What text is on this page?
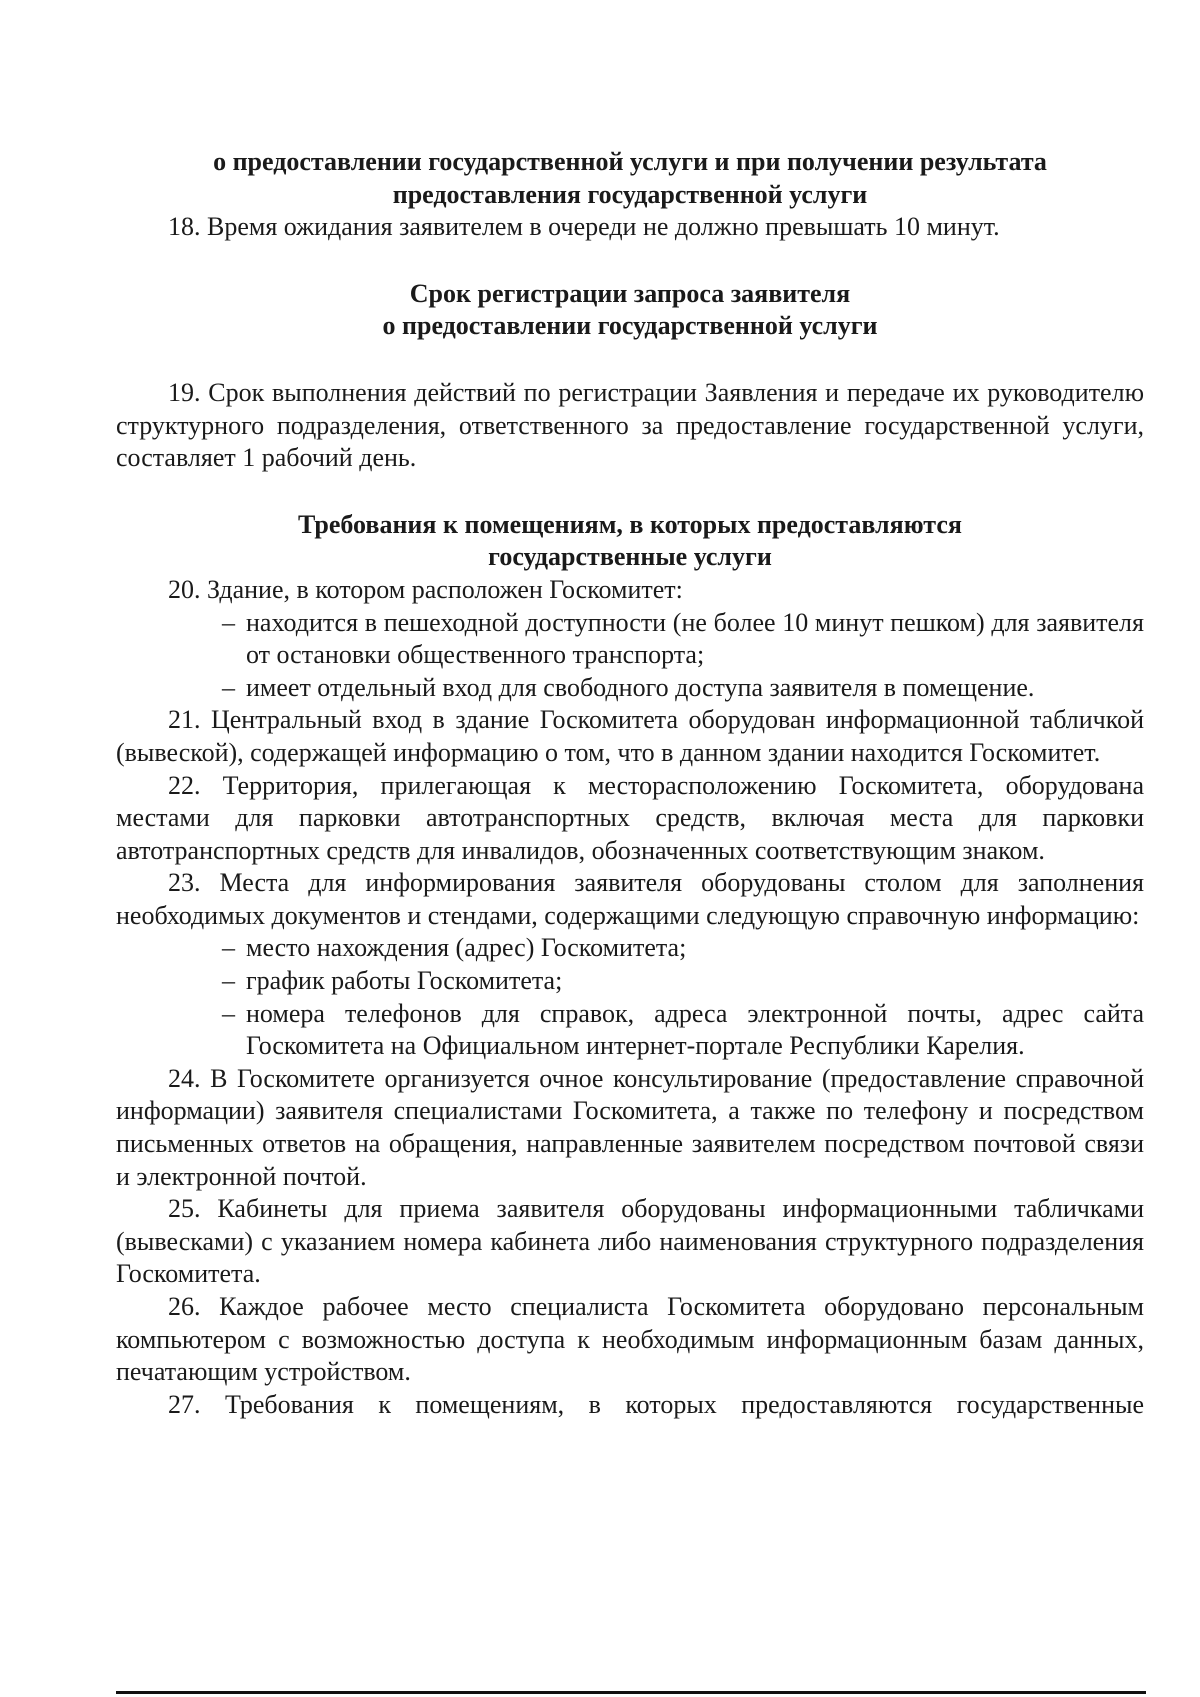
о предоставлении государственной услуги и при получении результата
предоставления государственной услуги

18. Время ожидания заявителем в очереди не должно превышать 10 минут.

Срок регистрации запроса заявителя
о предоставлении государственной услуги

19. Срок выполнения действий по регистрации Заявления и передаче их руководителю структурного подразделения, ответственного за предоставление государственной услуги, составляет 1 рабочий день.

Требования к помещениям, в которых предоставляются
государственные услуги

20. Здание, в котором расположен Госкомитет:

– находится в пешеходной доступности (не более 10 минут пешком) для заявителя от остановки общественного транспорта;
– имеет отдельный вход для свободного доступа заявителя в помещение.

21. Центральный вход в здание Госкомитета оборудован информационной табличкой (вывеской), содержащей информацию о том, что в данном здании находится Госкомитет.

22. Территория, прилегающая к месторасположению Госкомитета, оборудована местами для парковки автотранспортных средств, включая места для парковки автотранспортных средств для инвалидов, обозначенных соответствующим знаком.

23. Места для информирования заявителя оборудованы столом для заполнения необходимых документов и стендами, содержащими следующую справочную информацию:

– место нахождения (адрес) Госкомитета;
– график работы Госкомитета;
– номера телефонов для справок, адреса электронной почты, адрес сайта Госкомитета на Официальном интернет-портале Республики Карелия.

24. В Госкомитете организуется очное консультирование (предоставление справочной информации) заявителя специалистами Госкомитета, а также по телефону и посредством письменных ответов на обращения, направленные заявителем посредством почтовой связи и электронной почтой.

25. Кабинеты для приема заявителя оборудованы информационными табличками (вывесками) с указанием номера кабинета либо наименования структурного подразделения Госкомитета.

26. Каждое рабочее место специалиста Госкомитета оборудовано персональным компьютером с возможностью доступа к необходимым информационным базам данных, печатающим устройством.

27. Требования к помещениям, в которых предоставляются государственные
